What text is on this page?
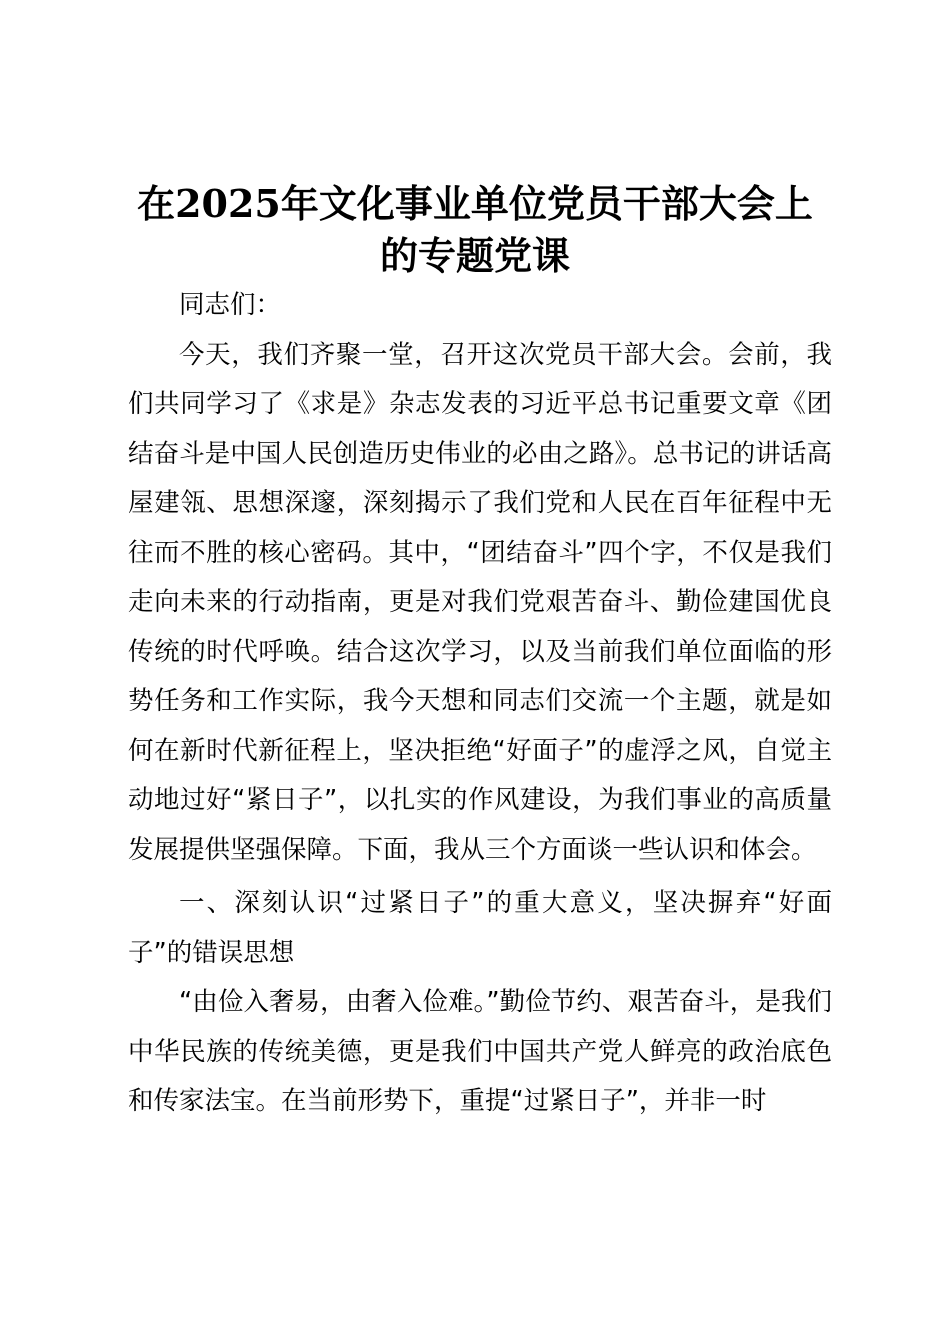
在2025年文化事业单位党员干部大会上的专题党课

同志们：

今天，我们齐聚一堂，召开这次党员干部大会。会前，我们共同学习了《求是》杂志发表的习近平总书记重要文章《团结奋斗是中国人民创造历史伟业的必由之路》。总书记的讲话高屋建瓴、思想深邃，深刻揭示了我们党和人民在百年征程中无往而不胜的核心密码。其中，“团结奋斗”四个字，不仅是我们走向未来的行动指南，更是对我们党艰苦奋斗、勤俭建国优良传统的时代呼唤。结合这次学习，以及当前我们单位面临的形势任务和工作实际，我今天想和同志们交流一个主题，就是如何在新时代新征程上，坚决拒绝“好面子”的虚浮之风，自觉主动地过好“紧日子”，以扎实的作风建设，为我们事业的高质量发展提供坚强保障。下面，我从三个方面谈一些认识和体会。

一、深刻认识“过紧日子”的重大意义，坚决摒弃“好面子”的错误思想

“由俭入奢易，由奢入俭难。”勤俭节约、艰苦奋斗，是我们中华民族的传统美德，更是我们中国共产党人鲜亮的政治底色和传家法宝。在当前形势下，重提“过紧日子”，并非一时
